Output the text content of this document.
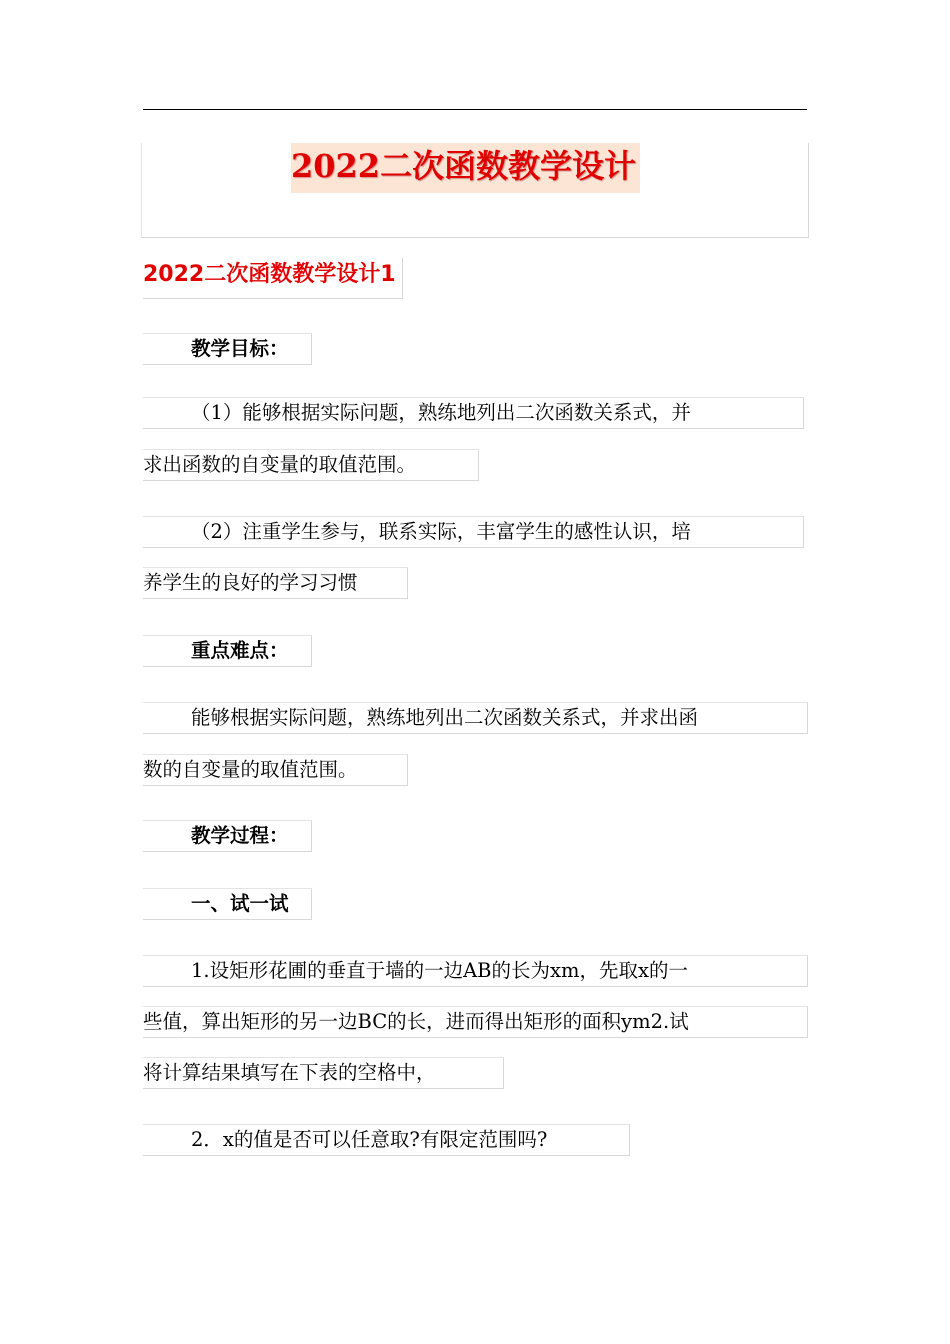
2022二次函数教学设计
2022二次函数教学设计1
教学目标：
（1）能够根据实际问题，熟练地列出二次函数关系式，并
求出函数的自变量的取值范围。
（2）注重学生参与，联系实际，丰富学生的感性认识，培
养学生的良好的学习习惯
重点难点：
能够根据实际问题，熟练地列出二次函数关系式，并求出函
数的自变量的取值范围。
教学过程：
一、试一试
1.设矩形花圃的垂直于墙的一边AB的长为xm，先取x的一
些值，算出矩形的另一边BC的长，进而得出矩形的面积ym2.试
将计算结果填写在下表的空格中，
2．x的值是否可以任意取?有限定范围吗?
